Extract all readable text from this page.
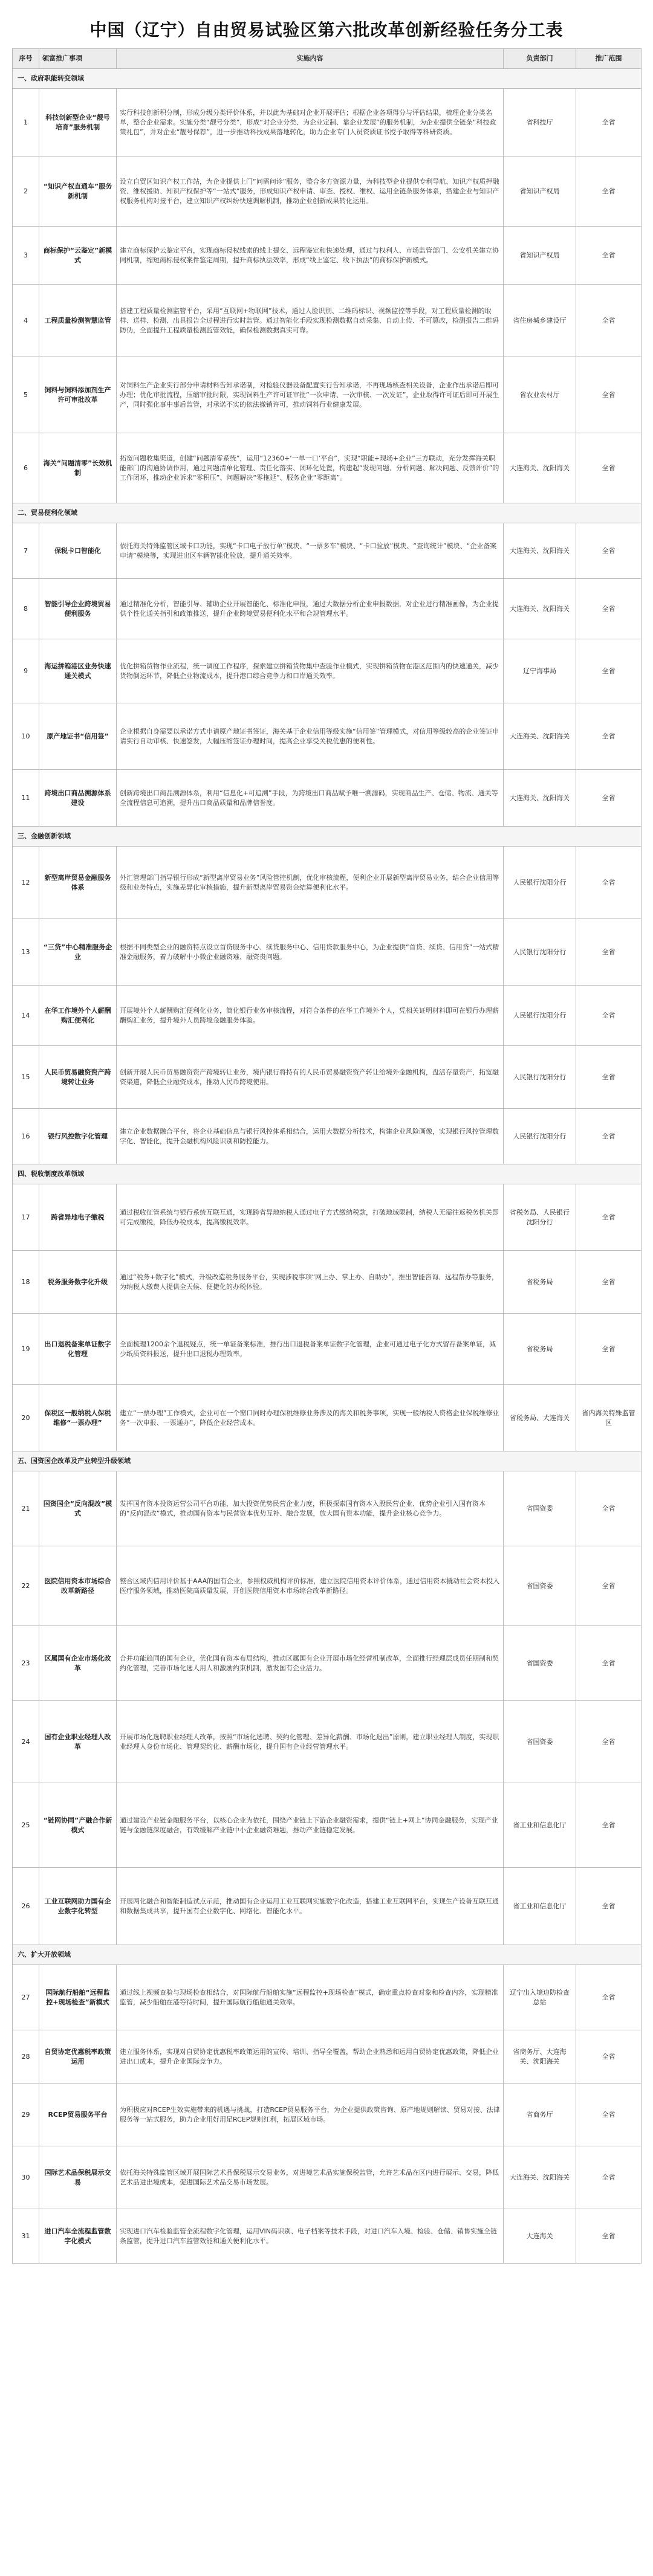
中国（辽宁）自由贸易试验区第六批改革创新经验任务分工表
序号	领富推广事项	实施内容	负责部门	推广范围
一、政府职能转变领域				
1	科技创新型企业“靓号培育”服务机制	实行科技创新积分制，形成分级分类评价体系，并以此为基础对企业开展评估；根据企业各项得分与评估结果，梳理企业分类名单，整合企业需求。实施分类“靓号分类”，形成“对企业分类、为企业定制、靠企业发展”的服务机制，为企业提供全链条“科技政策礼包”，并对企业“靓号保荐”，进一步推动科技成果落地转化，助力企业专门人员资质证书授予取得等科研资质。	省科技厅	全省
2	“知识产权直通车”服务新机制	设立自贸区知识产权工作站，为企业提供上门“问需问诊”服务，整合多方资源力量，为科技型企业提供专利导航、知识产权质押融资、维权援助、知识产权保护等“一站式”服务，形成知识产权申请、审查、授权、维权、运用全链条服务体系，搭建企业与知识产权服务机构对接平台，建立知识产权纠纷快速调解机制，推动企业创新成果转化运用。	省知识产权局	全省
3	商标保护“云鉴定”新模式	建立商标保护云鉴定平台，实现商标侵权线索的线上提交、远程鉴定和快速处理，通过与权利人、市场监管部门、公安机关建立协同机制，缩短商标侵权案件鉴定周期，提升商标执法效率，形成“线上鉴定、线下执法”的商标保护新模式。	省知识产权局	全省
4	工程质量检测智慧监管	搭建工程质量检测监管平台，采用“互联网+物联网”技术，通过人脸识别、二维码标识、视频监控等手段，对工程质量检测的取样、送样、检测、出具报告全过程进行实时监管。通过智能化手段实现检测数据自动采集、自动上传、不可篡改，检测报告二维码防伪，全面提升工程质量检测监管效能，确保检测数据真实可靠。	省住房城乡建设厅	全省
5	饲料与饲料添加剂生产许可审批改革	对饲料生产企业实行部分申请材料告知承诺制，对检验仪器设备配置实行告知承诺，不再现场核查相关设备，企业作出承诺后即可办理；优化审批流程，压缩审批时限，实现饲料生产许可证审批“一次申请、一次审核、一次发证”，企业取得许可证后即可开展生产，同时强化事中事后监管，对承诺不实的依法撤销许可，推动饲料行业健康发展。	省农业农村厅	全省
6	海关“问题清零”长效机制	拓宽问题收集渠道，创建“问题清零系统”，运用“12360+‘一单一口’平台”，实现“职能+现场+企业”三方联动，充分发挥海关职能部门的沟通协调作用，通过问题清单化管理、责任化落实、闭环化处置，构建起“发现问题、分析问题、解决问题、反馈评价”的工作闭环，推动企业诉求“零积压”、问题解决“零拖延”、服务企业“零距离”。	大连海关、沈阳海关	全省
二、贸易便利化领域				
7	保税卡口智能化	依托海关特殊监管区域卡口功能，实现“卡口电子放行单”模块、“一票多车”模块、“卡口验放”模块、“查询统计”模块、“企业备案申请”模块等，实现进出区车辆智能化验放，提升通关效率。	大连海关、沈阳海关	全省
8	智能引导企业跨境贸易便利服务	通过精准化分析，智能引导、辅助企业开展智能化、标准化申报，通过大数据分析企业申报数据，对企业进行精准画像，为企业提供个性化通关指引和政策推送，提升企业跨境贸易便利化水平和合规管理水平。	大连海关、沈阳海关	全省
9	海运拼箱港区业务快速通关模式	优化拼箱货物作业流程，统一调度工作程序，探索建立拼箱货物集中查验作业模式，实现拼箱货物在港区范围内的快速通关，减少货物倒运环节，降低企业物流成本，提升港口综合竞争力和口岸通关效率。	辽宁海事局	全省
10	原产地证书“信用签”	企业根据自身需要以承诺方式申请原产地证书签证，海关基于企业信用等级实施“信用签”管理模式，对信用等级较高的企业签证申请实行自动审核、快速签发，大幅压缩签证办理时间，提高企业享受关税优惠的便利性。	大连海关、沈阳海关	全省
11	跨境出口商品溯源体系建设	创新跨境出口商品溯源体系，利用“信息化+可追溯”手段，为跨境出口商品赋予唯一溯源码，实现商品生产、仓储、物流、通关等全流程信息可追溯，提升出口商品质量和品牌信誉度。	大连海关、沈阳海关	全省
三、金融创新领域				
12	新型离岸贸易金融服务体系	外汇管理部门指导银行形成“新型离岸贸易业务”风险管控机制，优化审核流程，便利企业开展新型离岸贸易业务，结合企业信用等级和业务特点，实施差异化审核措施，提升新型离岸贸易资金结算便利化水平。	人民银行沈阳分行	全省
13	“三贷”中心精准服务企业	根据不同类型企业的融资特点设立首贷服务中心、续贷服务中心、信用贷款服务中心，为企业提供“首贷、续贷、信用贷”一站式精准金融服务，着力破解中小微企业融资难、融资贵问题。	人民银行沈阳分行	全省
14	在华工作境外个人薪酬购汇便利化	开展境外个人薪酬购汇便利化业务，简化银行业务审核流程，对符合条件的在华工作境外个人，凭相关证明材料即可在银行办理薪酬购汇业务，提升境外人员跨境金融服务体验。	人民银行沈阳分行	全省
15	人民币贸易融资资产跨境转让业务	创新开展人民币贸易融资资产跨境转让业务，境内银行将持有的人民币贸易融资资产转让给境外金融机构，盘活存量资产，拓宽融资渠道，降低企业融资成本，推动人民币跨境使用。	人民银行沈阳分行	全省
16	银行风控数字化管理	建立企业数据融合平台，将企业基础信息与银行风控体系相结合，运用大数据分析技术，构建企业风险画像，实现银行风控管理数字化、智能化，提升金融机构风险识别和防控能力。	人民银行沈阳分行	全省
四、税收制度改革领域				
17	跨省异地电子缴税	通过税收征管系统与银行系统互联互通，实现跨省异地纳税人通过电子方式缴纳税款，打破地域限制，纳税人无需往返税务机关即可完成缴税，降低办税成本，提高缴税效率。	省税务局、人民银行沈阳分行	全省
18	税务服务数字化升级	通过“税务+数字化”模式，升级改造税务服务平台，实现涉税事项“网上办、掌上办、自助办”，推出智能咨询、远程帮办等服务，为纳税人缴费人提供全天候、便捷化的办税体验。	省税务局	全省
19	出口退税备案单证数字化管理	全面梳理1200余个退税疑点，统一单证备案标准，推行出口退税备案单证数字化管理，企业可通过电子化方式留存备案单证，减少纸质资料报送，提升出口退税办理效率。	省税务局	全省
20	保税区一般纳税人保税维修“一票办理”	建立“一票办理”工作模式，企业可在一个窗口同时办理保税维修业务涉及的海关和税务事项，实现一般纳税人资格企业保税维修业务“一次申报、一票通办”，降低企业经营成本。	省税务局、大连海关	省内海关特殊监管区
五、国资国企改革及产业转型升级领域				
21	国资国企“反向混改”模式	发挥国有资本投资运营公司平台功能，加大投资优势民营企业力度，积极探索国有资本入股民营企业、优势企业引入国有资本的“反向混改”模式，推动国有资本与民营资本优势互补、融合发展，放大国有资本功能，提升企业核心竞争力。	省国资委	全省
22	医院信用资本市场综合改革新路径	整合区域内信用评价基于AAA的国有企业，参照权威机构评价标准，建立医院信用资本评价体系，通过信用资本撬动社会资本投入医疗服务领域，推动医院高质量发展，开创医院信用资本市场综合改革新路径。	省国资委	全省
23	区属国有企业市场化改革	合并功能趋同的国有企业，优化国有资本布局结构，推动区属国有企业开展市场化经营机制改革，全面推行经理层成员任期制和契约化管理，完善市场化选人用人和激励约束机制，激发国有企业活力。	省国资委	全省
24	国有企业职业经理人改革	开展市场化选聘职业经理人改革，按照“市场化选聘、契约化管理、差异化薪酬、市场化退出”原则，建立职业经理人制度，实现职业经理人身份市场化、管理契约化、薪酬市场化，提升国有企业经营管理水平。	省国资委	全省
25	“链网协同”产融合作新模式	通过建设产业链金融服务平台，以核心企业为依托，围绕产业链上下游企业融资需求，提供“链上+网上”协同金融服务，实现产业链与金融链深度融合，有效缓解产业链中小企业融资难题，推动产业链稳定发展。	省工业和信息化厅	全省
26	工业互联网助力国有企业数字化转型	开展两化融合和智能制造试点示范，推动国有企业运用工业互联网实施数字化改造，搭建工业互联网平台，实现生产设备互联互通和数据集成共享，提升国有企业数字化、网络化、智能化水平。	省工业和信息化厅	全省
六、扩大开放领域				
27	国际航行船舶“远程监控+现场检查”新模式	通过线上视频查验与现场检查相结合，对国际航行船舶实施“远程监控+现场检查”模式，确定重点检查对象和检查内容，实现精准监管，减少船舶在港等待时间，提升国际航行船舶通关效率。	辽宁出入境边防检查总站	全省
28	自贸协定优惠税率政策运用	建立服务体系，实现对自贸协定优惠税率政策运用的宣传、培训、指导全覆盖，帮助企业熟悉和运用自贸协定优惠政策，降低企业进出口成本，提升企业国际竞争力。	省商务厅、大连海关、沈阳海关	全省
29	RCEP贸易服务平台	为积极应对RCEP生效实施带来的机遇与挑战，打造RCEP贸易服务平台，为企业提供政策咨询、原产地规则解读、贸易对接、法律服务等一站式服务，助力企业用好用足RCEP规则红利，拓展区域市场。	省商务厅	全省
30	国际艺术品保税展示交易	依托海关特殊监管区域开展国际艺术品保税展示交易业务，对进境艺术品实施保税监管，允许艺术品在区内进行展示、交易，降低艺术品进出境成本，促进国际艺术品交易市场发展。	大连海关、沈阳海关	全省
31	进口汽车全流程监管数字化模式	实现进口汽车检验监管全流程数字化管理，运用VIN码识别、电子档案等技术手段，对进口汽车入境、检验、仓储、销售实施全链条监管，提升进口汽车监管效能和通关便利化水平。	大连海关	全省
